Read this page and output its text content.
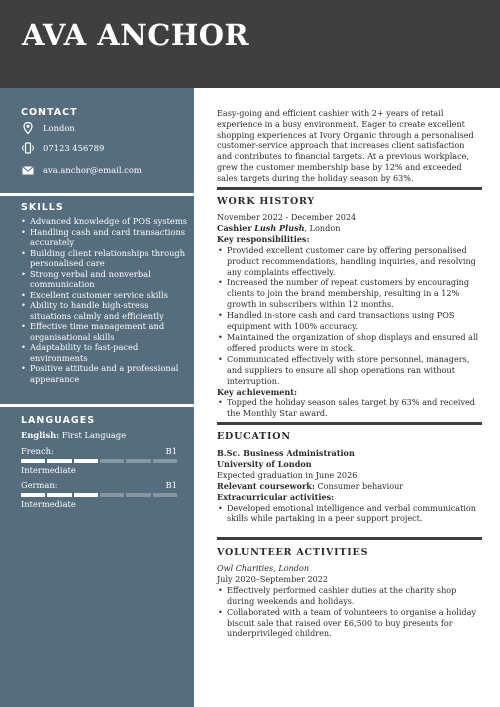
AVA ANCHOR
CONTACT
London
07123 456789
ava.anchor@email.com
SKILLS
• Advanced knowledge of POS systems
• Handling cash and card transactions accurately
• Building client relationships through personalised care
• Strong verbal and nonverbal communication
• Excellent customer service skills
• Ability to handle high-stress situations calmly and efficiently
• Effective time management and organisational skills
• Adaptability to fast-paced environments
• Positive attitude and a professional appearance
LANGUAGES
English: First Language
French:	B1
Intermediate
German:	B1
Intermediate

Easy-going and efficient cashier with 2+ years of retail experience in a busy environment. Eager to create excellent shopping experiences at Ivory Organic through a personalised customer-service approach that increases client satisfaction and contributes to financial targets. At a previous workplace, grew the customer membership base by 12% and exceeded sales targets during the holiday season by 63%.

WORK HISTORY
November 2022 - December 2024
Cashier Lush Plush, London
Key responsibilities:
• Provided excellent customer care by offering personalised product recommendations, handling inquiries, and resolving any complaints effectively.
• Increased the number of repeat customers by encouraging clients to join the brand membership, resulting in a 12% growth in subscribers within 12 months.
• Handled in-store cash and card transactions using POS equipment with 100% accuracy.
• Maintained the organization of shop displays and ensured all offered products were in stock.
• Communicated effectively with store personnel, managers, and suppliers to ensure all shop operations ran without interruption.
Key achievement:
• Topped the holiday season sales target by 63% and received the Monthly Star award.
EDUCATION
B.Sc. Business Administration
University of London
Expected graduation in June 2026
Relevant coursework: Consumer behaviour
Extracurricular activities:
• Developed emotional intelligence and verbal communication skills while partaking in a peer support project.
VOLUNTEER ACTIVITIES
Owl Charities, London
July 2020–September 2022
• Effectively performed cashier duties at the charity shop during weekends and holidays.
• Collaborated with a team of volunteers to organise a holiday biscuit sale that raised over £6,500 to buy presents for underprivileged children.
